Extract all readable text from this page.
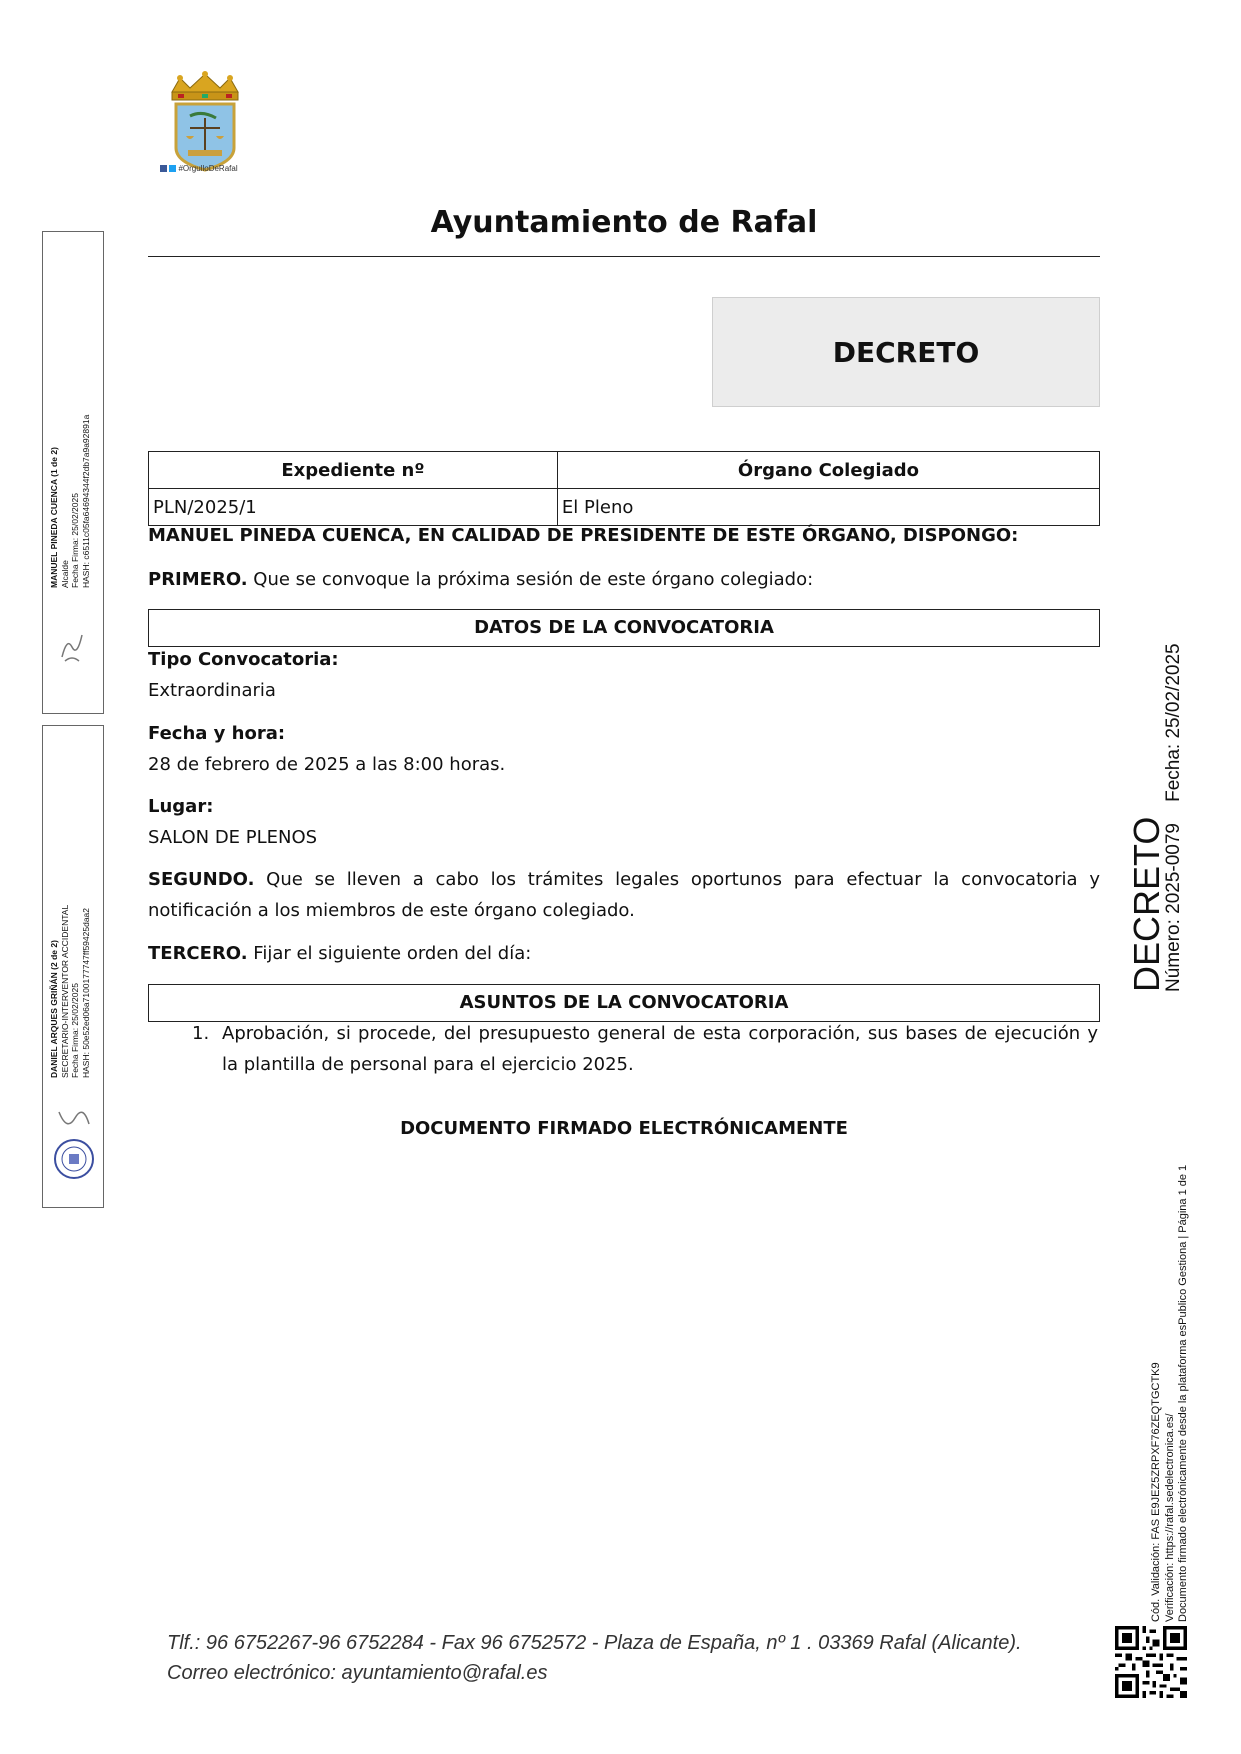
#OrgulloDeRafal
Ayuntamiento de Rafal
DECRETO
Expediente nº	Órgano Colegiado
PLN/2025/1	El Pleno
MANUEL PINEDA CUENCA, EN CALIDAD DE PRESIDENTE DE ESTE ÓRGANO, DISPONGO:
PRIMERO. Que se convoque la próxima sesión de este órgano colegiado:
DATOS DE LA CONVOCATORIA
Tipo Convocatoria:
Extraordinaria
Fecha y hora:
28 de febrero de 2025 a las 8:00 horas.
Lugar:
SALON DE PLENOS
SEGUNDO. Que se lleven a cabo los trámites legales oportunos para efectuar la convocatoria y notificación a los miembros de este órgano colegiado.
TERCERO. Fijar el siguiente orden del día:
ASUNTOS DE LA CONVOCATORIA
1. Aprobación, si procede, del presupuesto general de esta corporación, sus bases de ejecución y la plantilla de personal para el ejercicio 2025.
DOCUMENTO FIRMADO ELECTRÓNICAMENTE
MANUEL PINEDA CUENCA (1 de 2) Alcalde Fecha Firma: 25/02/2025 HASH: c6511c05fa64694344f2db7a9a92891a
DANIEL ARQUES GRIÑÁN (2 de 2) SECRETARIO-INTERVENTOR ACCIDENTAL Fecha Firma: 25/02/2025 HASH: 50e52ed06a7100177747ff59425daa2
DECRETO
Número: 2025-0079    Fecha: 25/02/2025
Cód. Validación: FAS E9JEZ5ZRPXF76ZEQTGCTK9 Verificación: https://rafal.sedelectronica.es/ Documento firmado electrónicamente desde la plataforma esPublico Gestiona | Página 1 de 1
Tlf.: 96 6752267-96 6752284 - Fax 96 6752572 - Plaza de España, nº 1 . 03369 Rafal (Alicante).
Correo electrónico: ayuntamiento@rafal.es
